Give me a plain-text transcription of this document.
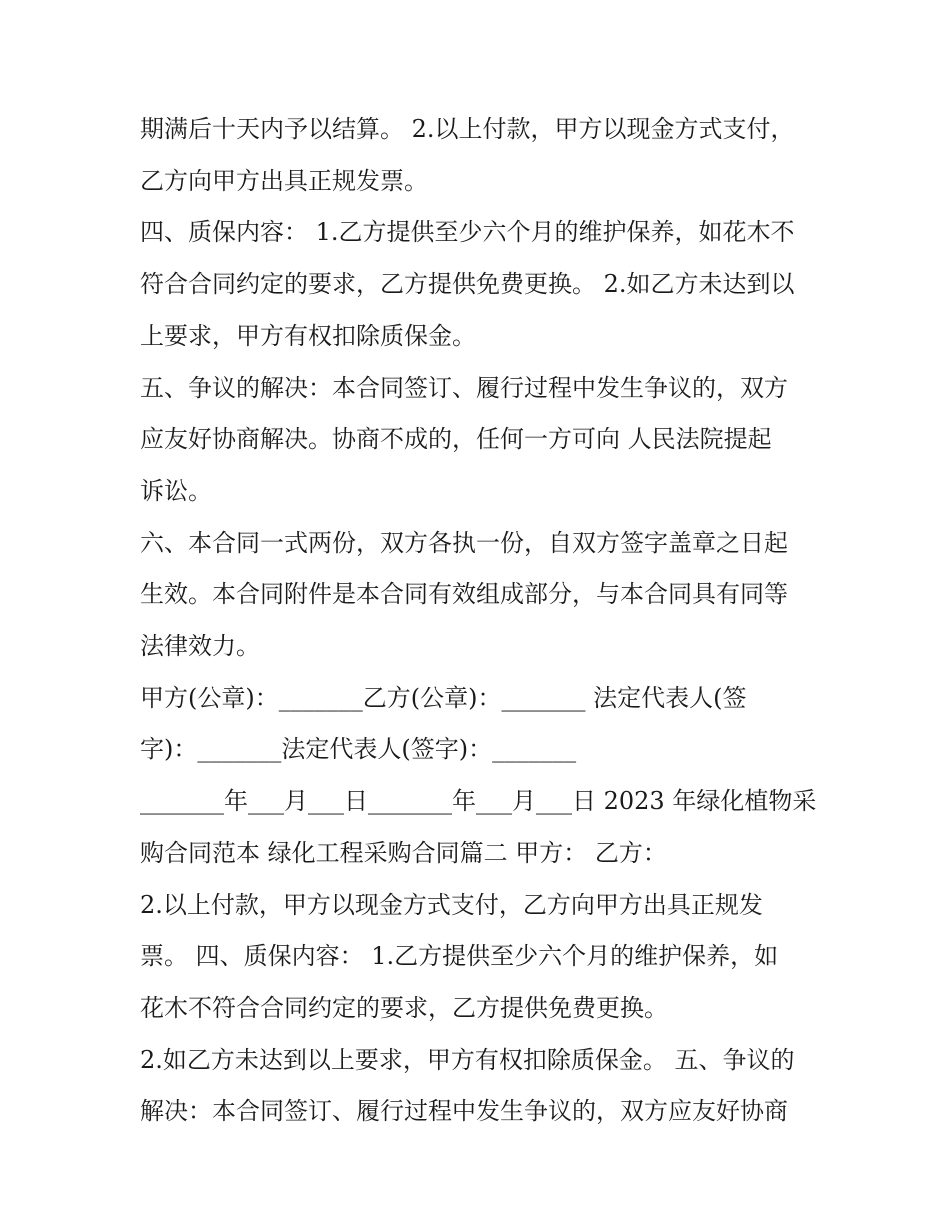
期满后十天内予以结算。 2.以上付款，甲方以现金方式支付，
乙方向甲方出具正规发票。

四、质保内容： 1.乙方提供至少六个月的维护保养，如花木不
符合合同约定的要求，乙方提供免费更换。 2.如乙方未达到以
上要求，甲方有权扣除质保金。

五、争议的解决：本合同签订、履行过程中发生争议的，双方
应友好协商解决。协商不成的，任何一方可向 人民法院提起
诉讼。

六、本合同一式两份，双方各执一份，自双方签字盖章之日起
生效。本合同附件是本合同有效组成部分，与本合同具有同等
法律效力。

甲方(公章)：_______乙方(公章)：_______ 法定代表人(签
字)：_______法定代表人(签字)：_______

_______年___月___日_______年___月___日 2023 年绿化植物采
购合同范本 绿化工程采购合同篇二 甲方： 乙方：

2.以上付款，甲方以现金方式支付，乙方向甲方出具正规发
票。 四、质保内容： 1.乙方提供至少六个月的维护保养，如
花木不符合合同约定的要求，乙方提供免费更换。

2.如乙方未达到以上要求，甲方有权扣除质保金。 五、争议的
解决：本合同签订、履行过程中发生争议的，双方应友好协商
